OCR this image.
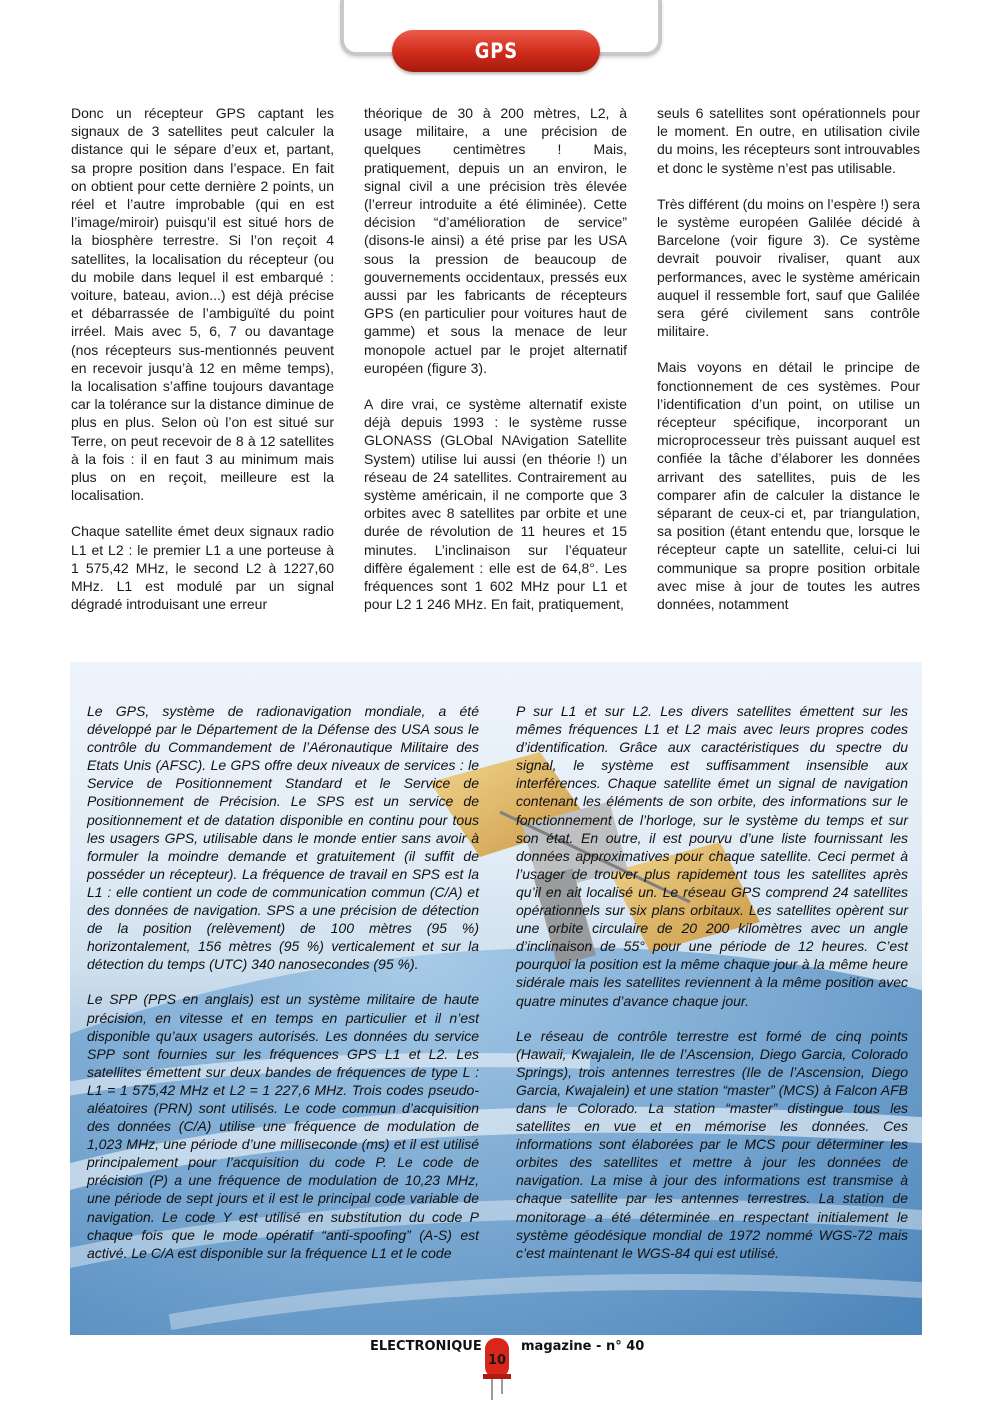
GPS

Donc un récepteur GPS captant les signaux de 3 satellites peut calculer la distance qui le sépare d’eux et, partant, sa propre position dans l’espace. En fait on obtient pour cette dernière 2 points, un réel et l’autre improbable (qui en est l’image/miroir) puisqu’il est situé hors de la biosphère terrestre. Si l’on reçoit 4 satellites, la localisation du récepteur (ou du mobile dans lequel il est embarqué : voiture, bateau, avion...) est déjà précise et débarrassée de l’ambiguïté du point irréel. Mais avec 5, 6, 7 ou davantage (nos récepteurs sus-mentionnés peuvent en recevoir jusqu’à 12 en même temps), la localisation s’affine toujours davantage car la tolérance sur la distance diminue de plus en plus. Selon où l’on est situé sur Terre, on peut recevoir de 8 à 12 satellites à la fois : il en faut 3 au minimum mais plus on en reçoit, meilleure est la localisation.

Chaque satellite émet deux signaux radio L1 et L2 : le premier L1 a une porteuse à 1 575,42 MHz, le second L2 à 1227,60 MHz. L1 est modulé par un signal dégradé introduisant une erreur

théorique de 30 à 200 mètres, L2, à usage militaire, a une précision de quelques centimètres ! Mais, pratiquement, depuis un an environ, le signal civil a une précision très élevée (l’erreur introduite a été éliminée). Cette décision “d’amélioration de service” (disons-le ainsi) a été prise par les USA sous la pression de beaucoup de gouvernements occidentaux, pressés eux aussi par les fabricants de récepteurs GPS (en particulier pour voitures haut de gamme) et sous la menace de leur monopole actuel par le projet alternatif européen (figure 3).

A dire vrai, ce système alternatif existe déjà depuis 1993 : le système russe GLONASS (GLObal NAvigation Satellite System) utilise lui aussi (en théorie !) un réseau de 24 satellites. Contrairement au système américain, il ne comporte que 3 orbites avec 8 satellites par orbite et une durée de révolution de 11 heures et 15 minutes. L’inclinaison sur l’équateur diffère également : elle est de 64,8°. Les fréquences sont 1 602 MHz pour L1 et pour L2 1 246 MHz. En fait, pratiquement,

seuls 6 satellites sont opérationnels pour le moment. En outre, en utilisation civile du moins, les récepteurs sont introuvables et donc le système n’est pas utilisable.

Très différent (du moins on l’espère !) sera le système européen Galilée décidé à Barcelone (voir figure 3). Ce système devrait pouvoir rivaliser, quant aux performances, avec le système américain auquel il ressemble fort, sauf que Galilée sera géré civilement sans contrôle militaire.

Mais voyons en détail le principe de fonctionnement de ces systèmes. Pour l’identification d’un point, on utilise un récepteur spécifique, incorporant un microprocesseur très puissant auquel est confiée la tâche d’élaborer les données arrivant des satellites, puis de les comparer afin de calculer la distance le séparant de ceux-ci et, par triangulation, sa position (étant entendu que, lorsque le récepteur capte un satellite, celui-ci lui communique sa propre position orbitale avec mise à jour de toutes les autres données, notamment

Le GPS, système de radionavigation mondiale, a été développé par le Département de la Défense des USA sous le contrôle du Commandement de l’Aéronautique Militaire des Etats Unis (AFSC). Le GPS offre deux niveaux de services : le Service de Positionnement Standard et le Service de Positionnement de Précision. Le SPS est un service de positionnement et de datation disponible en continu pour tous les usagers GPS, utilisable dans le monde entier sans avoir à formuler la moindre demande et gratuitement (il suffit de posséder un récepteur). La fréquence de travail en SPS est la L1 : elle contient un code de communication commun (C/A) et des données de navigation. SPS a une précision de détection de la position (relèvement) de 100 mètres (95 %) horizontalement, 156 mètres (95 %) verticalement et sur la détection du temps (UTC) 340 nanosecondes (95 %).

Le SPP (PPS en anglais) est un système militaire de haute précision, en vitesse et en temps en particulier et il n’est disponible qu’aux usagers autorisés. Les données du service SPP sont fournies sur les fréquences GPS L1 et L2. Les satellites émettent sur deux bandes de fréquences de type L : L1 = 1 575,42 MHz et L2 = 1 227,6 MHz. Trois codes pseudo-aléatoires (PRN) sont utilisés. Le code commun d’acquisition des données (C/A) utilise une fréquence de modulation de 1,023 MHz, une période d’une milliseconde (ms) et il est utilisé principalement pour l’acquisition du code P. Le code de précision (P) a une fréquence de modulation de 10,23 MHz, une période de sept jours et il est le principal code variable de navigation. Le code Y est utilisé en substitution du code P chaque fois que le mode opératif “anti-spoofing” (A-S) est activé. Le C/A est disponible sur la fréquence L1 et le code

P sur L1 et sur L2. Les divers satellites émettent sur les mêmes fréquences L1 et L2 mais avec leurs propres codes d’identification. Grâce aux caractéristiques du spectre du signal, le système est suffisamment insensible aux interférences. Chaque satellite émet un signal de navigation contenant les éléments de son orbite, des informations sur le fonctionnement de l’horloge, sur le système du temps et sur son état. En outre, il est pourvu d’une liste fournissant les données approximatives pour chaque satellite. Ceci permet à l’usager de trouver plus rapidement tous les satellites après qu’il en ait localisé un. Le réseau GPS comprend 24 satellites opérationnels sur six plans orbitaux. Les satellites opèrent sur une orbite circulaire de 20 200 kilomètres avec un angle d’inclinaison de 55° pour une période de 12 heures. C’est pourquoi la position est la même chaque jour à la même heure sidérale mais les satellites reviennent à la même position avec quatre minutes d’avance chaque jour.

Le réseau de contrôle terrestre est formé de cinq points (Hawaii, Kwajalein, Ile de l’Ascension, Diego Garcia, Colorado Springs), trois antennes terrestres (Ile de l’Ascension, Diego Garcia, Kwajalein) et une station “master” (MCS) à Falcon AFB dans le Colorado. La station “master” distingue tous les satellites en vue et en mémorise les données. Ces informations sont élaborées par le MCS pour déterminer les orbites des satellites et mettre à jour les données de navigation. La mise à jour des informations est transmise à chaque satellite par les antennes terrestres. La station de monitorage a été déterminée en respectant initialement le système géodésique mondial de 1972 nommé WGS-72 mais c’est maintenant le WGS-84 qui est utilisé.

ELECTRONIQUE
10
magazine - n° 40
